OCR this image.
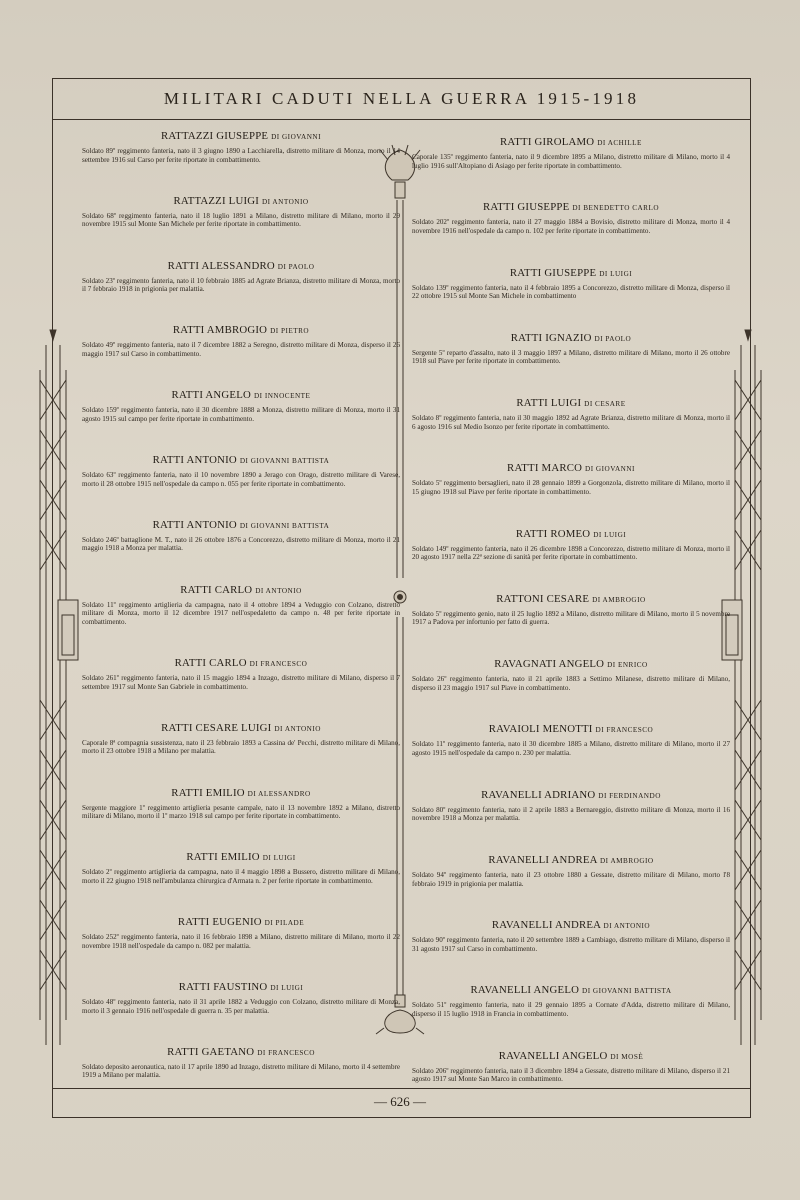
MILITARI CADUTI NELLA GUERRA 1915-1918

RATTAZZI GIUSEPPE DI GIOVANNI

Soldato 89º reggimento fanteria, nato il 3 giugno 1890 a Lacchiarella, distretto militare di Monza, morto il 14 settembre 1916 sul Carso per ferite riportate in combattimento.

RATTAZZI LUIGI DI ANTONIO

Soldato 68º reggimento fanteria, nato il 18 luglio 1891 a Milano, distretto militare di Milano, morto il 29 novembre 1915 sul Monte San Michele per ferite riportate in combattimento.

RATTI ALESSANDRO DI PAOLO

Soldato 23º reggimento fanteria, nato il 10 febbraio 1885 ad Agrate Brianza, distretto militare di Monza, morto il 7 febbraio 1918 in prigionia per malattia.

RATTI AMBROGIO DI PIETRO

Soldato 49º reggimento fanteria, nato il 7 dicembre 1882 a Seregno, distretto militare di Monza, disperso il 26 maggio 1917 sul Carso in combattimento.

RATTI ANGELO DI INNOCENTE

Soldato 159º reggimento fanteria, nato il 30 dicembre 1888 a Monza, distretto militare di Monza, morto il 31 agosto 1915 sul campo per ferite riportate in combattimento.

RATTI ANTONIO DI GIOVANNI BATTISTA

Soldato 63º reggimento fanteria, nato il 10 novembre 1890 a Jerago con Orago, distretto militare di Varese, morto il 28 ottobre 1915 nell'ospedale da campo n. 055 per ferite riportate in combattimento.

RATTI ANTONIO DI GIOVANNI BATTISTA

Soldato 246º battaglione M. T., nato il 26 ottobre 1876 a Concorezzo, distretto militare di Monza, morto il 21 maggio 1918 a Monza per malattia.

RATTI CARLO DI ANTONIO

Soldato 11º reggimento artiglieria da campagna, nato il 4 ottobre 1894 a Veduggio con Colzano, distretto militare di Monza, morto il 12 dicembre 1917 nell'ospedaletto da campo n. 48 per ferite riportate in combattimento.

RATTI CARLO DI FRANCESCO

Soldato 261º reggimento fanteria, nato il 15 maggio 1894 a Inzago, distretto militare di Milano, disperso il 7 settembre 1917 sul Monte San Gabriele in combattimento.

RATTI CESARE LUIGI DI ANTONIO

Caporale 8ª compagnia sussistenza, nato il 23 febbraio 1893 a Cassina de' Pecchi, distretto militare di Milano, morto il 23 ottobre 1918 a Milano per malattia.

RATTI EMILIO DI ALESSANDRO

Sergente maggiore 1º reggimento artiglieria pesante campale, nato il 13 novembre 1892 a Milano, distretto militare di Milano, morto il 1º marzo 1918 sul campo per ferite riportate in combattimento.

RATTI EMILIO DI LUIGI

Soldato 2º reggimento artiglieria da campagna, nato il 4 maggio 1898 a Bussero, distretto militare di Milano, morto il 22 giugno 1918 nell'ambulanza chirurgica d'Armata n. 2 per ferite riportate in combattimento.

RATTI EUGENIO DI PILADE

Soldato 252º reggimento fanteria, nato il 16 febbraio 1898 a Milano, distretto militare di Milano, morto il 22 novembre 1918 nell'ospedale da campo n. 082 per malattia.

RATTI FAUSTINO DI LUIGI

Soldato 48º reggimento fanteria, nato il 31 aprile 1882 a Veduggio con Colzano, distretto militare di Monza, morto il 3 gennaio 1916 nell'ospedale di guerra n. 35 per malattia.

RATTI GAETANO DI FRANCESCO

Soldato deposito aeronautica, nato il 17 aprile 1890 ad Inzago, distretto militare di Milano, morto il 4 settembre 1919 a Milano per malattia.

RATTI GIROLAMO DI ACHILLE

Caporale 135º reggimento fanteria, nato il 9 dicembre 1895 a Milano, distretto militare di Milano, morto il 4 luglio 1916 sull'Altopiano di Asiago per ferite riportate in combattimento.

RATTI GIUSEPPE DI BENEDETTO CARLO

Soldato 202º reggimento fanteria, nato il 27 maggio 1884 a Bovisio, distretto militare di Monza, morto il 4 novembre 1916 nell'ospedale da campo n. 102 per ferite riportate in combattimento.

RATTI GIUSEPPE DI LUIGI

Soldato 139º reggimento fanteria, nato il 4 febbraio 1895 a Concorezzo, distretto militare di Monza, disperso il 22 ottobre 1915 sul Monte San Michele in combattimento

RATTI IGNAZIO DI PAOLO

Sergente 5º reparto d'assalto, nato il 3 maggio 1897 a Milano, distretto militare di Milano, morto il 26 ottobre 1918 sul Piave per ferite riportate in combattimento.

RATTI LUIGI DI CESARE

Soldato 8º reggimento fanteria, nato il 30 maggio 1892 ad Agrate Brianza, distretto militare di Monza, morto il 6 agosto 1916 sul Medio Isonzo per ferite riportate in combattimento.

RATTI MARCO DI GIOVANNI

Soldato 5º reggimento bersaglieri, nato il 28 gennaio 1899 a Gorgonzola, distretto militare di Milano, morto il 15 giugno 1918 sul Piave per ferite riportate in combattimento.

RATTI ROMEO DI LUIGI

Soldato 149º reggimento fanteria, nato il 26 dicembre 1898 a Concorezzo, distretto militare di Monza, morto il 20 agosto 1917 nella 22ª sezione di sanità per ferite riportate in combattimento.

RATTONI CESARE DI AMBROGIO

Soldato 5º reggimento genio, nato il 25 luglio 1892 a Milano, distretto militare di Milano, morto il 5 novembre 1917 a Padova per infortunio per fatto di guerra.

RAVAGNATI ANGELO DI ENRICO

Soldato 26º reggimento fanteria, nato il 21 aprile 1883 a Settimo Milanese, distretto militare di Milano, disperso il 23 maggio 1917 sul Piave in combattimento.

RAVAIOLI MENOTTI DI FRANCESCO

Soldato 11º reggimento fanteria, nato il 30 dicembre 1885 a Milano, distretto militare di Milano, morto il 27 agosto 1915 nell'ospedale da campo n. 230 per malattia.

RAVANELLI ADRIANO DI FERDINANDO

Soldato 80º reggimento fanteria, nato il 2 aprile 1883 a Bernareggio, distretto militare di Monza, morto il 16 novembre 1918 a Monza per malattia.

RAVANELLI ANDREA DI AMBROGIO

Soldato 94º reggimento fanteria, nato il 23 ottobre 1880 a Gessate, distretto militare di Milano, morto l'8 febbraio 1919 in prigionia per malattia.

RAVANELLI ANDREA DI ANTONIO

Soldato 90º reggimento fanteria, nato il 20 settembre 1889 a Cambiago, distretto militare di Milano, disperso il 31 agosto 1917 sul Carso in combattimento.

RAVANELLI ANGELO DI GIOVANNI BATTISTA

Soldato 51º reggimento fanteria, nato il 29 gennaio 1895 a Cornate d'Adda, distretto militare di Milano, disperso il 15 luglio 1918 in Francia in combattimento.

RAVANELLI ANGELO DI MOSÈ

Soldato 206º reggimento fanteria, nato il 3 dicembre 1894 a Gessate, distretto militare di Milano, disperso il 21 agosto 1917 sul Monte San Marco in combattimento.

— 626 —
